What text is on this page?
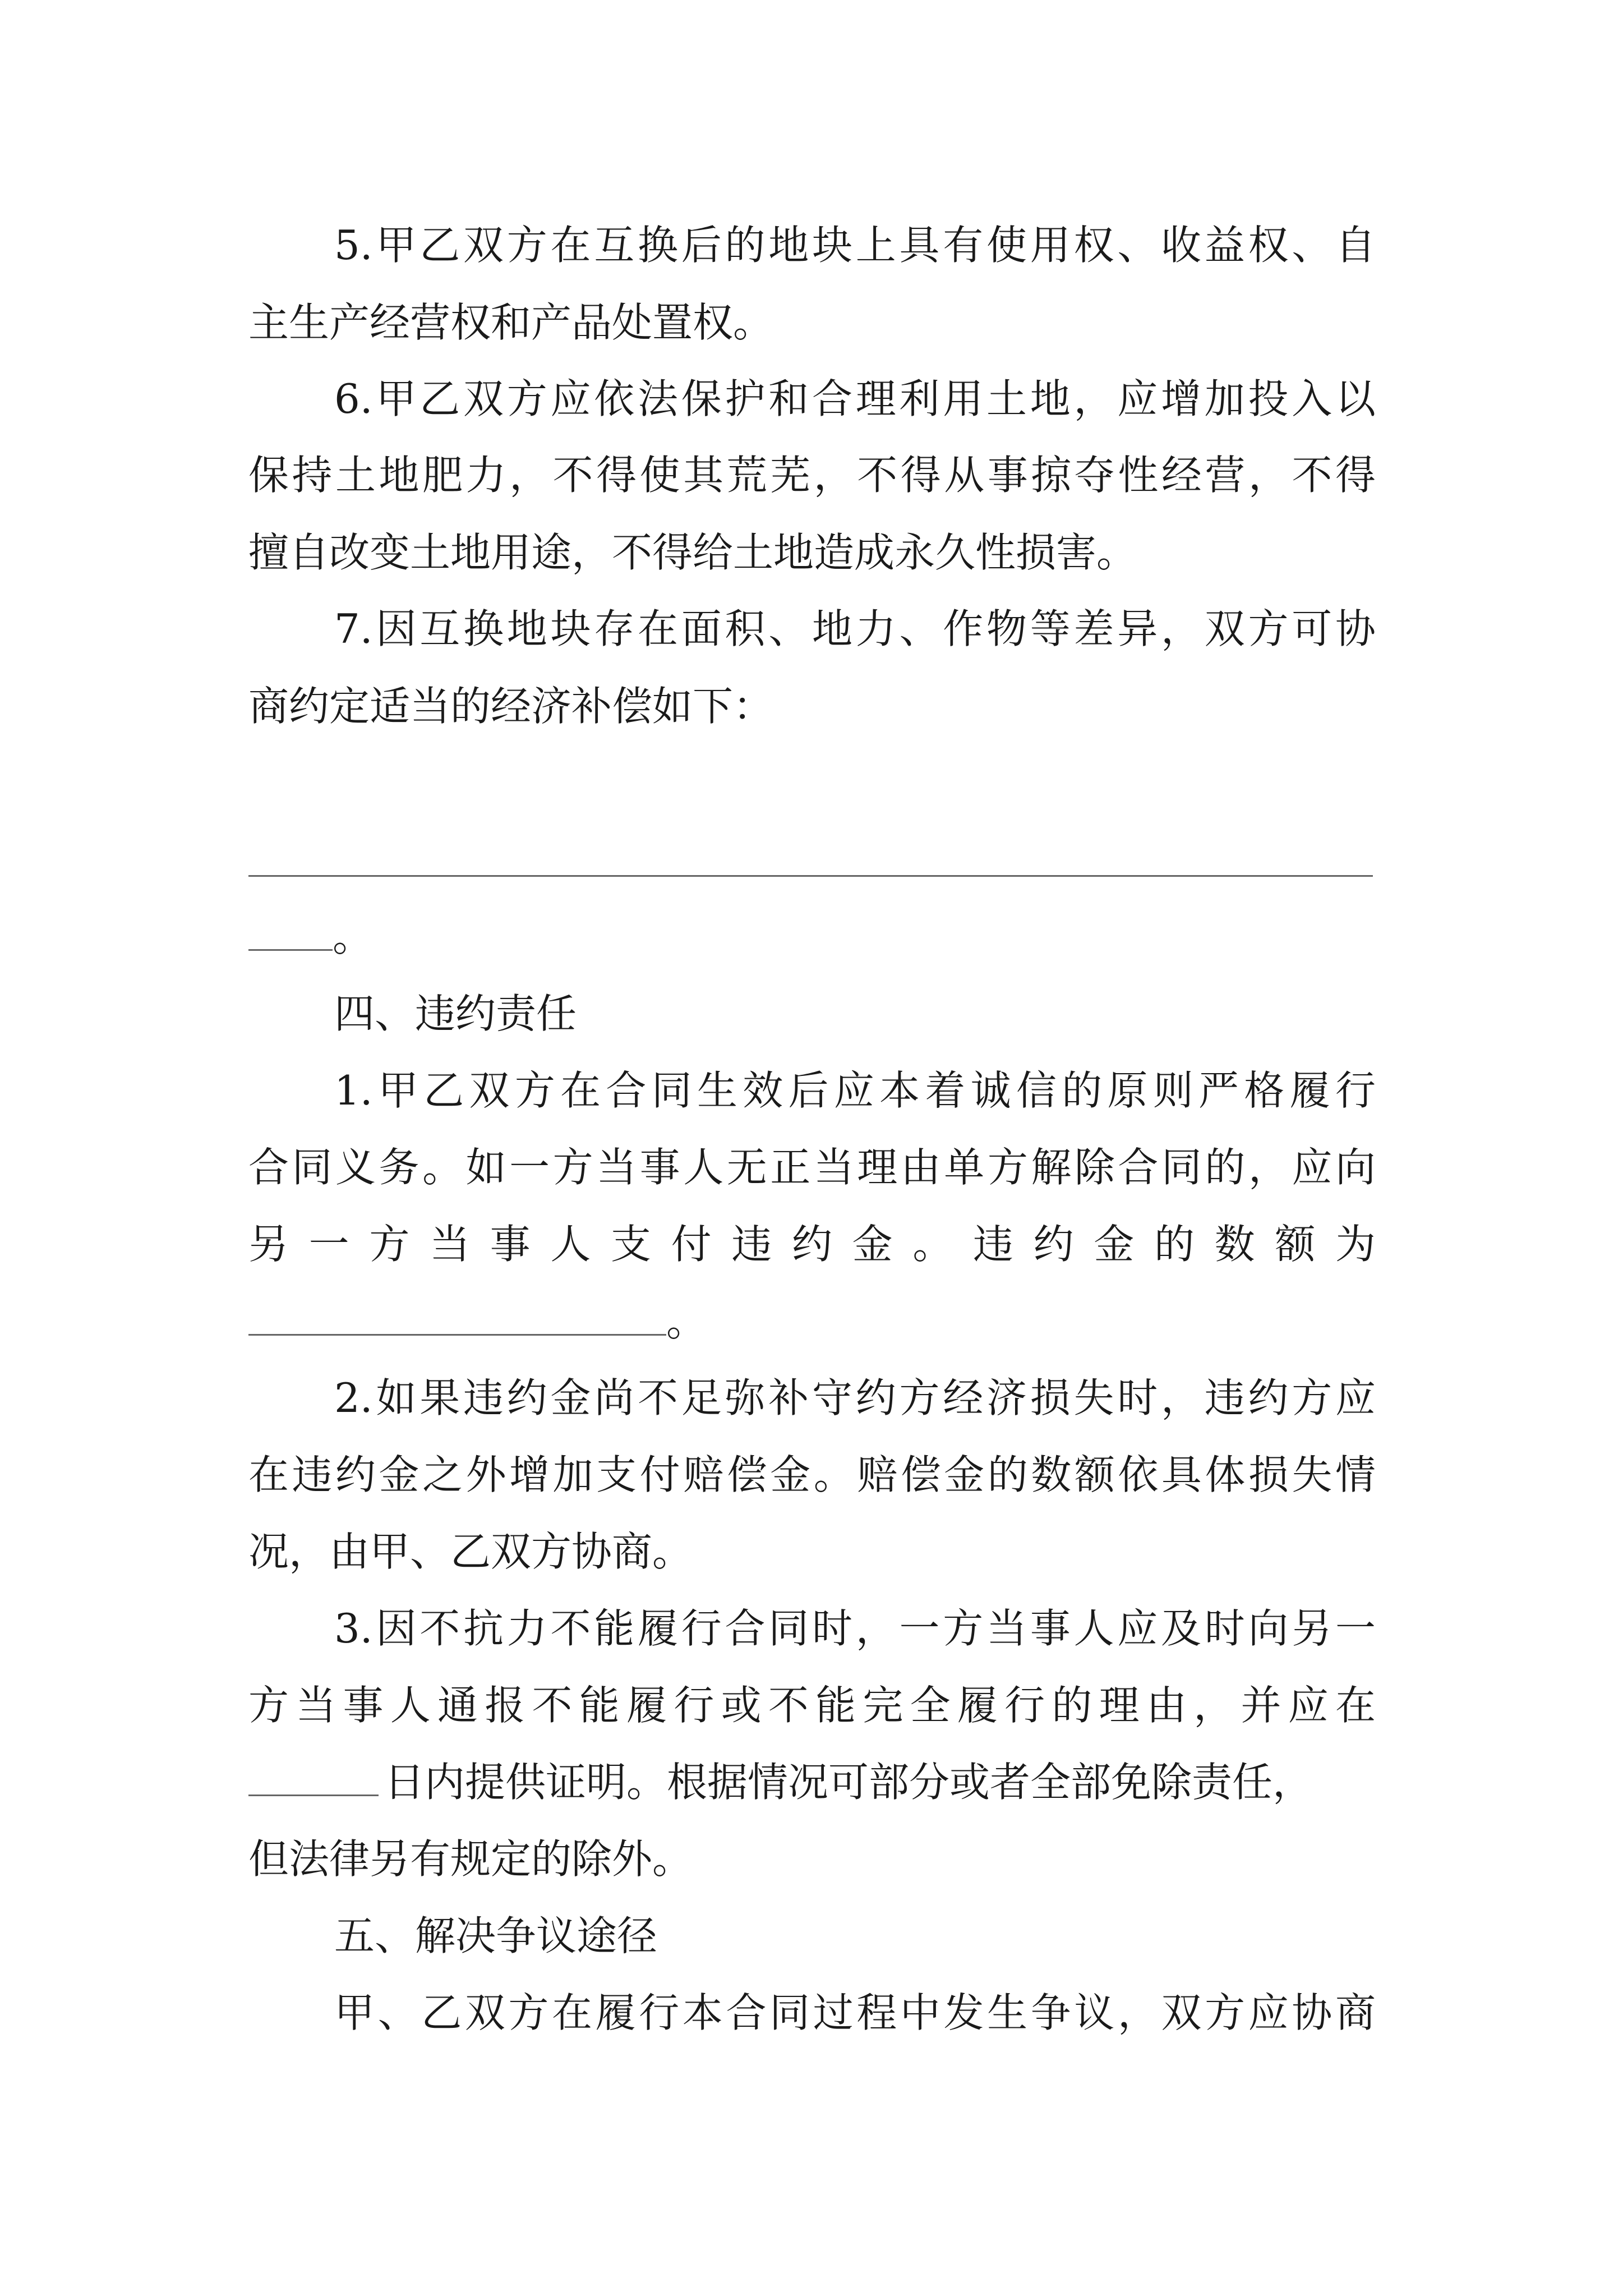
5.甲乙双方在互换后的地块上具有使用权、收益权、自
主生产经营权和产品处置权。
6.甲乙双方应依法保护和合理利用土地，应增加投入以
保持土地肥力，不得使其荒芜，不得从事掠夺性经营，不得
擅自改变土地用途，不得给土地造成永久性损害。
7.因互换地块存在面积、地力、作物等差异，双方可协
商约定适当的经济补偿如下：
。
四、违约责任
1.甲乙双方在合同生效后应本着诚信的原则严格履行
合同义务。如一方当事人无正当理由单方解除合同的，应向
另一方当事人支付违约金。违约金的数额为
。
2.如果违约金尚不足弥补守约方经济损失时，违约方应
在违约金之外增加支付赔偿金。赔偿金的数额依具体损失情
况，由甲、乙双方协商。
3.因不抗力不能履行合同时，一方当事人应及时向另一
方当事人通报不能履行或不能完全履行的理由，并应在
日内提供证明。根据情况可部分或者全部免除责任，
但法律另有规定的除外。
五、解决争议途径
甲、乙双方在履行本合同过程中发生争议，双方应协商
